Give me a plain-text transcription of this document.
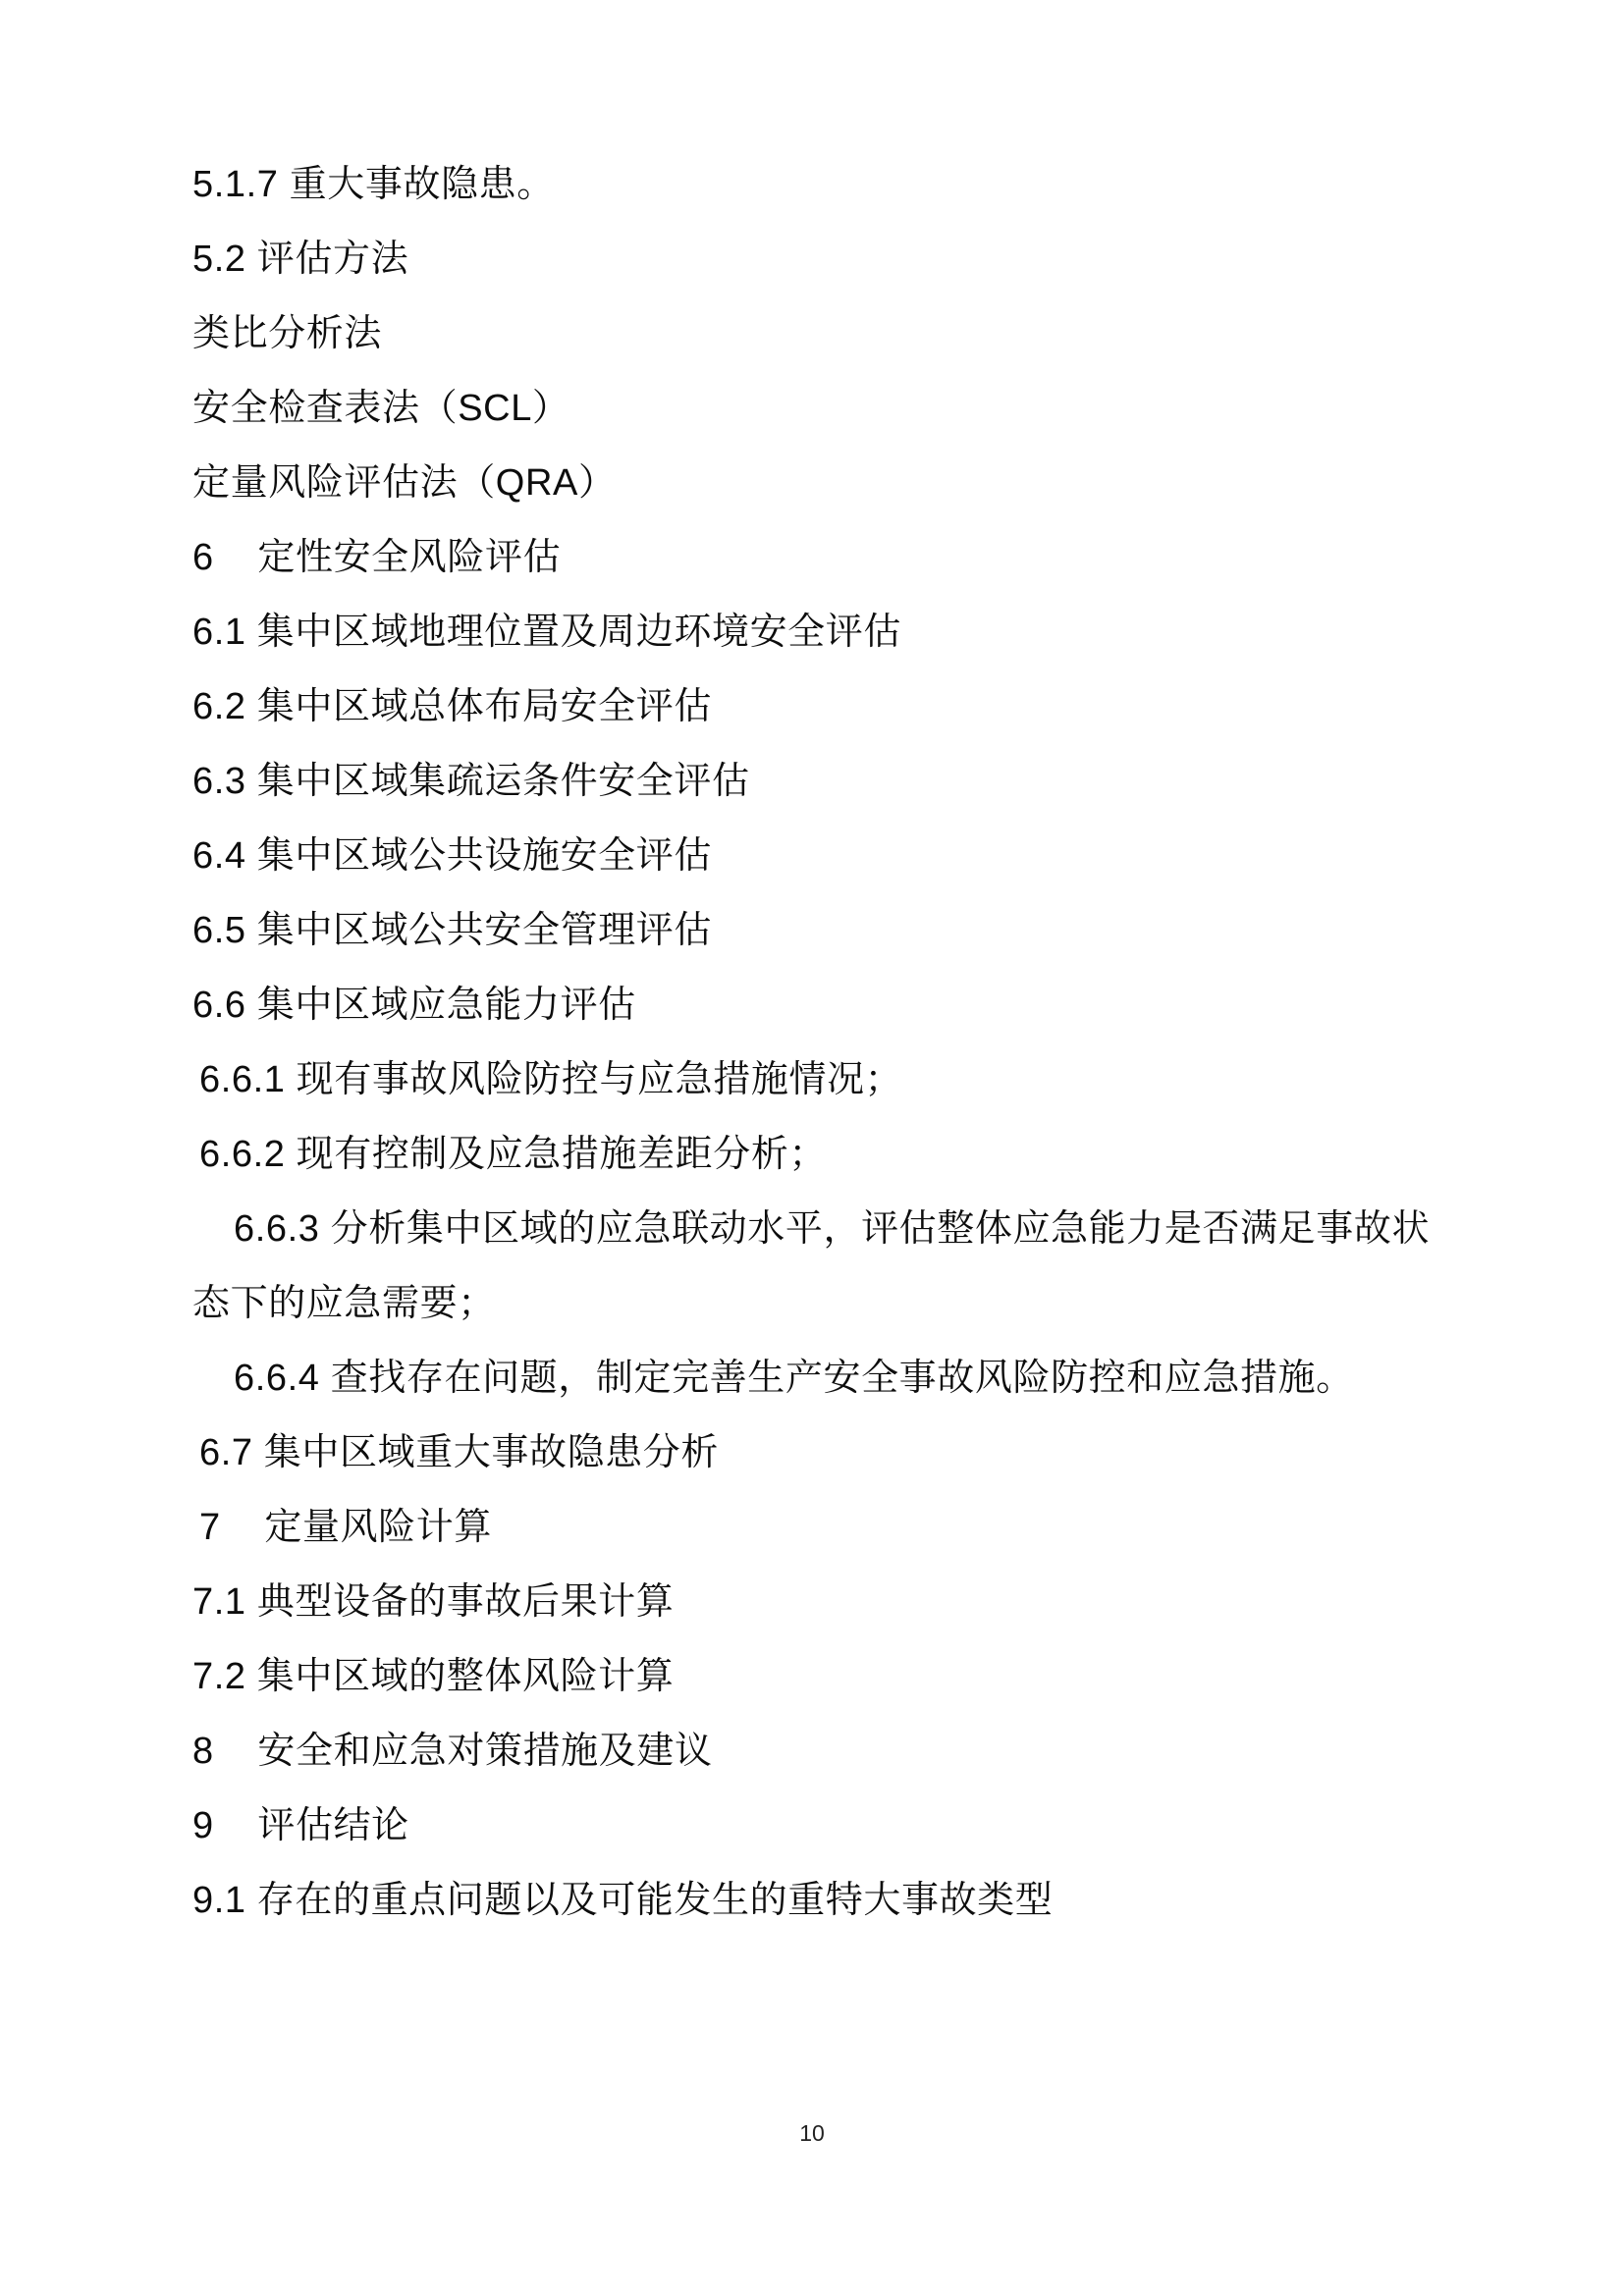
5.1.7 重大事故隐患。
5.2 评估方法
类比分析法
安全检查表法（SCL）
定量风险评估法（QRA）
6    定性安全风险评估
6.1 集中区域地理位置及周边环境安全评估
6.2 集中区域总体布局安全评估
6.3 集中区域集疏运条件安全评估
6.4 集中区域公共设施安全评估
6.5 集中区域公共安全管理评估
6.6 集中区域应急能力评估
6.6.1 现有事故风险防控与应急措施情况；
6.6.2 现有控制及应急措施差距分析；
6.6.3 分析集中区域的应急联动水平，评估整体应急能力是否满足事故状态下的应急需要；
6.6.4 查找存在问题，制定完善生产安全事故风险防控和应急措施。
6.7 集中区域重大事故隐患分析
7    定量风险计算
7.1 典型设备的事故后果计算
7.2 集中区域的整体风险计算
8    安全和应急对策措施及建议
9    评估结论
9.1 存在的重点问题以及可能发生的重特大事故类型
10
